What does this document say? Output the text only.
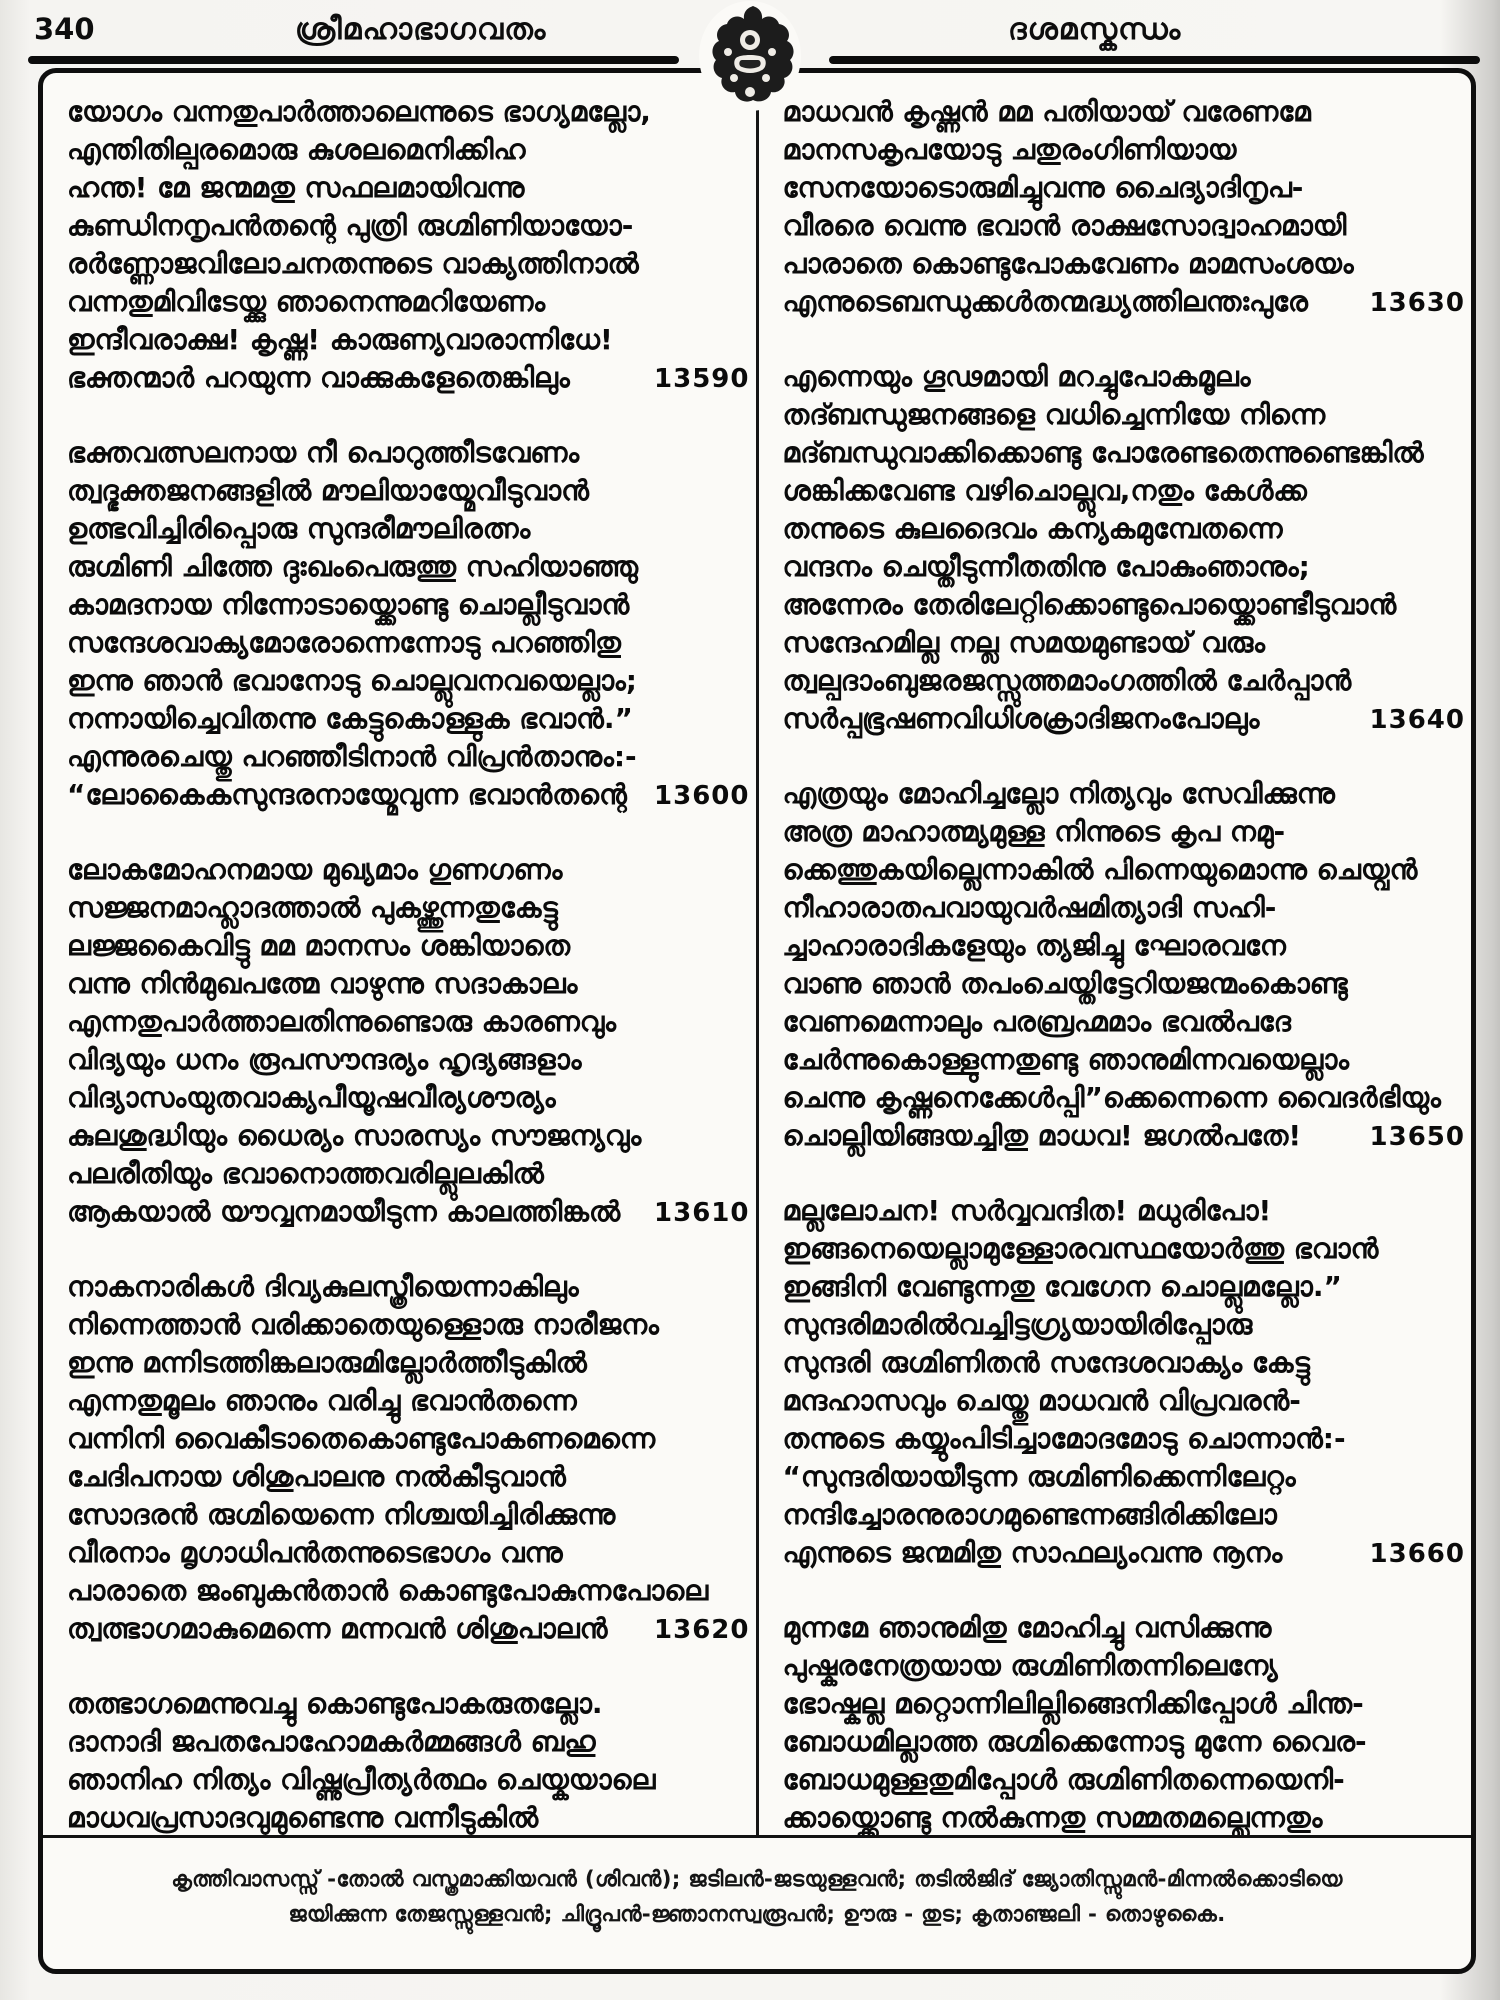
340	ശ്രീമഹാഭാഗവതം	ദശമസ്കന്ധം
യോഗം വന്നതുപാർത്താലെന്നുടെ ഭാഗ്യമല്ലോ,
എന്തിതില്പരമൊരു കുശലമെനിക്കിഹ
ഹന്ത! മേ ജന്മമതു സഫലമായിവന്നു
കുണ്ഡിനനൃപൻതന്റെ പുത്രി രുഗ്മിണിയായോ-
രർണ്ണോജവിലോചനതന്നുടെ വാക്യത്തിനാൽ
വന്നതുമിവിടേയ്ക്കു ഞാനെന്നുമറിയേണം
ഇന്ദീവരാക്ഷ! കൃഷ്ണ! കാരുണ്യവാരാന്നിധേ!
ഭക്തന്മാർ പറയുന്ന വാക്കുകളേതെങ്കിലും	13590
ഭക്തവത്സലനായ നീ പൊറുത്തീടവേണം
ത്വദ്ഭക്തജനങ്ങളിൽ മൗലിയായ്മേവീടുവാൻ
ഉത്ഭവിച്ചിരിപ്പൊരു സുന്ദരീമൗലിരത്നം
രുഗ്മിണി ചിത്തേ ദുഃഖംപെരുത്തു സഹിയാഞ്ഞു
കാമദനായ നിന്നോടായ്ക്കൊണ്ടു ചൊല്ലീടുവാൻ
സന്ദേശവാക്യമോരോന്നെന്നോടു പറഞ്ഞിതു
ഇന്നു ഞാൻ ഭവാനോടു ചൊല്ലുവനവയെല്ലാം;
നന്നായിച്ചെവിതന്നു കേട്ടുകൊള്ളുക ഭവാൻ.”
എന്നുരചെയ്തു പറഞ്ഞീടിനാൻ വിപ്രൻതാനും:-
“ലോകൈകസുന്ദരനായ്മേവുന്ന ഭവാൻതന്റെ 13600
ലോകമോഹനമായ മുഖ്യമാം ഗുണഗണം
സജ്ജനമാഹ്ലാദത്താൽ പുകഴ്ത്തുന്നതുകേട്ടു
ലജ്ജകൈവിട്ടു മമ മാനസം ശങ്കിയാതെ
വന്നു നിൻമുഖപത്മേ വാഴുന്നു സദാകാലം
എന്നതുപാർത്താലതിന്നുണ്ടൊരു കാരണവും
വിദ്യയും ധനം രൂപസൗന്ദര്യം ഹൃദ്യങ്ങളാം
വിദ്യാസംയുതവാക്യപീയൂഷവീര്യശൗര്യം
കുലശുദ്ധിയും ധൈര്യം സാരസ്യം സൗജന്യവും
പലരീതിയും ഭവാനൊത്തവരില്ലുലകിൽ
ആകയാൽ യൗവ്വനമായീടുന്ന കാലത്തിങ്കൽ 13610
നാകനാരികൾ ദിവ്യകുലസ്ത്രീയെന്നാകിലും
നിന്നെത്താൻ വരിക്കാതെയുള്ളൊരു നാരീജനം
ഇന്നു മന്നിടത്തിങ്കലാരുമില്ലോർത്തീടുകിൽ
എന്നതുമൂലം ഞാനും വരിച്ചു ഭവാൻതന്നെ
വന്നിനി വൈകീടാതെകൊണ്ടുപോകണമെന്നെ
ചേദിപനായ ശിശുപാലനു നൽകീടുവാൻ
സോദരൻ രുഗ്മിയെന്നെ നിശ്ചയിച്ചിരിക്കുന്നു
വീരനാം മൃഗാധിപൻതന്നുടെഭാഗം വന്നു
പാരാതെ ജംബുകൻതാൻ കൊണ്ടുപോകുന്നപോലെ
ത്വത്ഭാഗമാകുമെന്നെ മന്നവൻ ശിശുപാലൻ 13620
തത്ഭാഗമെന്നുവച്ചു കൊണ്ടുപോകരുതല്ലോ.
ദാനാദി ജപതപോഹോമകർമ്മങ്ങൾ ബഹു
ഞാനിഹ നിത്യം വിഷ്ണുപ്രീത്യർത്ഥം ചെയ്കയാലെ
മാധവപ്രസാദവുമുണ്ടെന്നു വന്നീടുകിൽ
മാധവൻ കൃഷ്ണൻ മമ പതിയായ് വരേണമേ
മാനസകൃപയോടു ചതുരംഗിണിയായ
സേനയോടൊരുമിച്ചുവന്നു ചൈദ്യാദിനൃപ-
വീരരെ വെന്നു ഭവാൻ രാക്ഷസോദ്വാഹമായി
പാരാതെ കൊണ്ടുപോകവേണം മാമസംശയം
എന്നുടെബന്ധുക്കൾതന്മദ്ധ്യത്തിലന്തഃപുരേ 13630
എന്നെയും ഗൂഢമായി മറച്ചുപോകമൂലം
തദ്ബന്ധുജനങ്ങളെ വധിച്ചെന്നിയേ നിന്നെ
മദ്ബന്ധുവാക്കിക്കൊണ്ടു പോരേണ്ടതെന്നുണ്ടെങ്കിൽ
ശങ്കിക്കവേണ്ട വഴിചൊല്ലുവ,നതും കേൾക്ക
തന്നുടെ കുലദൈവം കന്യകമുമ്പേതന്നെ
വന്ദനം ചെയ്തീടുന്നീതതിനു പോകുംഞാനും;
അന്നേരം തേരിലേറ്റിക്കൊണ്ടുപൊയ്ക്കൊണ്ടീടുവാൻ
സന്ദേഹമില്ല നല്ല സമയമുണ്ടായ് വരും
ത്വല്പദാംബുജരജസ്സുത്തമാംഗത്തിൽ ചേർപ്പാൻ
സർപ്പഭൂഷണവിധിശക്രാദിജനംപോലും	13640
എത്രയും മോഹിച്ചല്ലോ നിത്യവും സേവിക്കുന്നു
അത്ര മാഹാത്മ്യമുള്ള നിന്നുടെ കൃപ നമു-
ക്കെത്തുകയില്ലെന്നാകിൽ പിന്നെയുമൊന്നു ചെയ്വൻ
നീഹാരാതപവായുവർഷമിത്യാദി സഹി-
ച്ചാഹാരാദികളേയും ത്യജിച്ചു ഘോരവനേ
വാണു ഞാൻ തപംചെയ്തിട്ടേറിയജന്മംകൊണ്ടു
വേണമെന്നാലും പരബ്രഹ്മമാം ഭവൽപദേ
ചേർന്നുകൊള്ളുന്നതുണ്ടു ഞാനുമിന്നവയെല്ലാം
ചെന്നു കൃഷ്ണനെക്കേൾപ്പി”ക്കെന്നെന്നെ വൈദർഭിയും
ചൊല്ലിയിങ്ങയച്ചിതു മാധവ! ജഗൽപതേ!	13650
മല്ലലോചന! സർവ്വവന്ദിത! മധുരിപോ!
ഇങ്ങനെയെല്ലാമുള്ളോരവസ്ഥയോർത്തു ഭവാൻ
ഇങ്ങിനി വേണ്ടുന്നതു വേഗേന ചൊല്ലുമല്ലോ.”
സുന്ദരിമാരിൽവച്ചിട്ടഗ്ര്യയായിരിപ്പോരു
സുന്ദരി രുഗ്മിണിതൻ സന്ദേശവാക്യം കേട്ടു
മന്ദഹാസവും ചെയ്തു മാധവൻ വിപ്രവരൻ-
തന്നുടെ കയ്യുംപിടിച്ചാമോദമോടു ചൊന്നാൻ:-
“സുന്ദരിയായീടുന്ന രുഗ്മിണിക്കെന്നിലേറ്റം
നന്ദിച്ചോരനുരാഗമുണ്ടെന്നങ്ങിരിക്കിലോ
എന്നുടെ ജന്മമിതു സാഫല്യംവന്നു നൂനം	13660
മുന്നമേ ഞാനുമിതു മോഹിച്ചു വസിക്കുന്നു
പുഷ്കരനേത്രയായ രുഗ്മിണിതന്നിലെന്യേ
ഭോഷ്കല്ല മറ്റൊന്നിലില്ലിങ്ങെനിക്കിപ്പോൾ ചിന്ത-
ബോധമില്ലാത്ത രുഗ്മിക്കെന്നോടു മുന്നേ വൈര-
ബോധമുള്ളതുമിപ്പോൾ രുഗ്മിണിതന്നെയെനി-
ക്കായ്ക്കൊണ്ടു നൽകുന്നതു സമ്മതമല്ലെന്നതും
കൃത്തിവാസസ്സ് -തോൽ വസ്ത്രമാക്കിയവൻ (ശിവൻ); ജടിലൻ-ജടയുള്ളവൻ; തടിൽജിദ് ജ്യോതിസ്സുമൻ-മിന്നൽക്കൊടിയെ
ജയിക്കുന്ന തേജസ്സുള്ളവൻ; ചിദ്രൂപൻ-ജ്ഞാനസ്വരൂപൻ; ഊരു - തുട; കൃതാഞ്ജലി - തൊഴുകൈ.
